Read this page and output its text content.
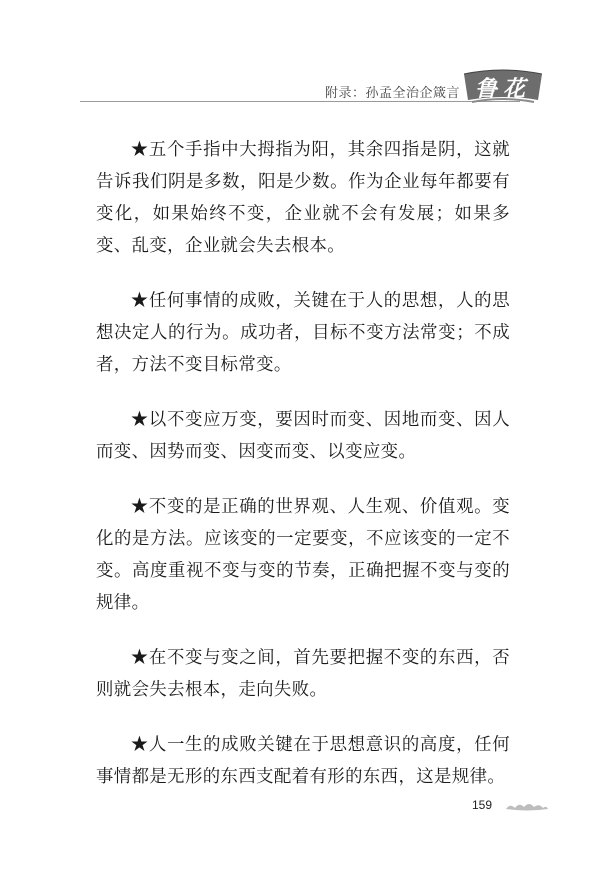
附录：孙孟全治企箴言 鲁花

★五个手指中大拇指为阳，其余四指是阴，这就告诉我们阴是多数，阳是少数。作为企业每年都要有变化，如果始终不变，企业就不会有发展；如果多变、乱变，企业就会失去根本。

★任何事情的成败，关键在于人的思想，人的思想决定人的行为。成功者，目标不变方法常变；不成者，方法不变目标常变。

★以不变应万变，要因时而变、因地而变、因人而变、因势而变、因变而变、以变应变。

★不变的是正确的世界观、人生观、价值观。变化的是方法。应该变的一定要变，不应该变的一定不变。高度重视不变与变的节奏，正确把握不变与变的规律。

★在不变与变之间，首先要把握不变的东西，否则就会失去根本，走向失败。

★人一生的成败关键在于思想意识的高度，任何事情都是无形的东西支配着有形的东西，这是规律。

159
